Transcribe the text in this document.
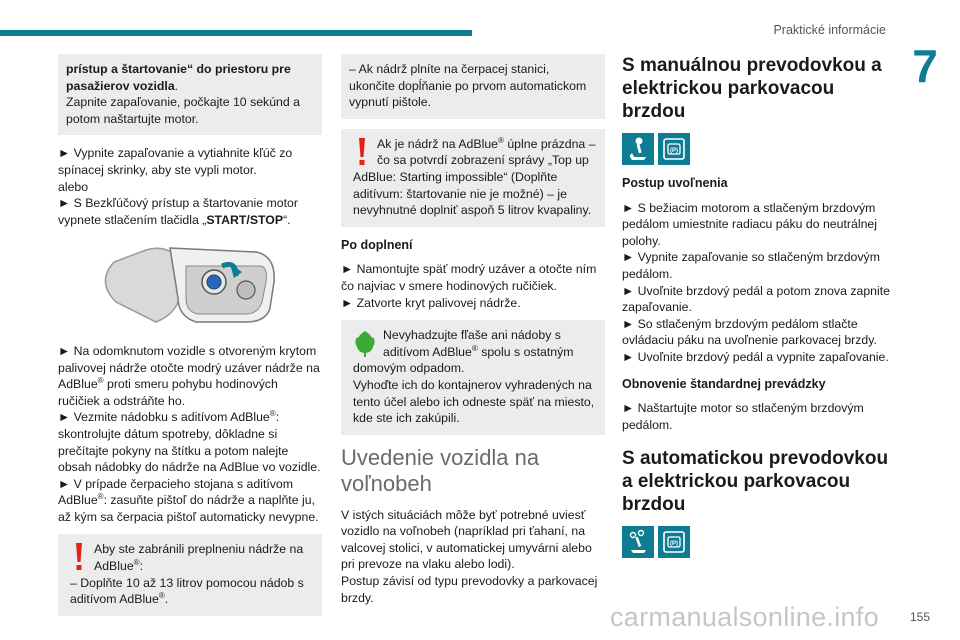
Praktické informácie
7

prístup a štartovanie“ do priestoru pre pasažierov vozidla.

Zapnite zapaľovanie, počkajte 10 sekúnd a potom naštartujte motor.

► Vypnite zapaľovanie a vytiahnite kľúč zo spínacej skrinky, aby ste vypli motor.

alebo

► S Bezkľúčový prístup a štartovanie motor vypnete stlačením tlačidla „START/STOP“.

► Na odomknutom vozidle s otvoreným krytom palivovej nádrže otočte modrý uzáver nádrže na AdBlue® proti smeru pohybu hodinových ručičiek a odstráňte ho.

► Vezmite nádobku s aditívom AdBlue®: skontrolujte dátum spotreby, dôkladne si prečítajte pokyny na štítku a potom nalejte obsah nádobky do nádrže na AdBlue vo vozidle.

► V prípade čerpacieho stojana s aditívom AdBlue®: zasuňte pištoľ do nádrže a naplňte ju, až kým sa čerpacia pištoľ automaticky nevypne.

Aby ste zabránili preplneniu nádrže na AdBlue®:

– Doplňte 10 až 13 litrov pomocou nádob s aditívom AdBlue®.

– Ak nádrž plníte na čerpacej stanici, ukončite dopĺňanie po prvom automatickom vypnutí pištole.

Ak je nádrž na AdBlue® úplne prázdna – čo sa potvrdí zobrazení správy „Top up AdBlue: Starting impossible“ (Doplňte aditívum: štartovanie nie je možné) – je nevyhnutné doplniť aspoň 5 litrov kvapaliny.

Po doplnení

► Namontujte späť modrý uzáver a otočte ním čo najviac v smere hodinových ručičiek.

► Zatvorte kryt palivovej nádrže.

Nevyhadzujte fľaše ani nádoby s aditívom AdBlue® spolu s ostatným domovým odpadom.

Vyhoďte ich do kontajnerov vyhradených na tento účel alebo ich odneste späť na miesto, kde ste ich zakúpili.

Uvedenie vozidla na voľnobeh

V istých situáciách môže byť potrebné uviesť vozidlo na voľnobeh (napríklad pri ťahaní, na valcovej stolici, v automatickej umyvárni alebo pri prevoze na vlaku alebo lodi).

Postup závisí od typu prevodovky a parkovacej brzdy.

S manuálnou prevodovkou a elektrickou parkovacou brzdou
(P)
Postup uvoľnenia

► S bežiacim motorom a stlačeným brzdovým pedálom umiestnite radiacu páku do neutrálnej polohy.

► Vypnite zapaľovanie so stlačeným brzdovým pedálom.

► Uvoľnite brzdový pedál a potom znova zapnite zapaľovanie.

► So stlačeným brzdovým pedálom stlačte ovládaciu páku na uvoľnenie parkovacej brzdy.

► Uvoľnite brzdový pedál a vypnite zapaľovanie.

Obnovenie štandardnej prevádzky

► Naštartujte motor so stlačeným brzdovým pedálom.

S automatickou prevodovkou a elektrickou parkovacou brzdou
(P)
carmanualsonline.info	155
